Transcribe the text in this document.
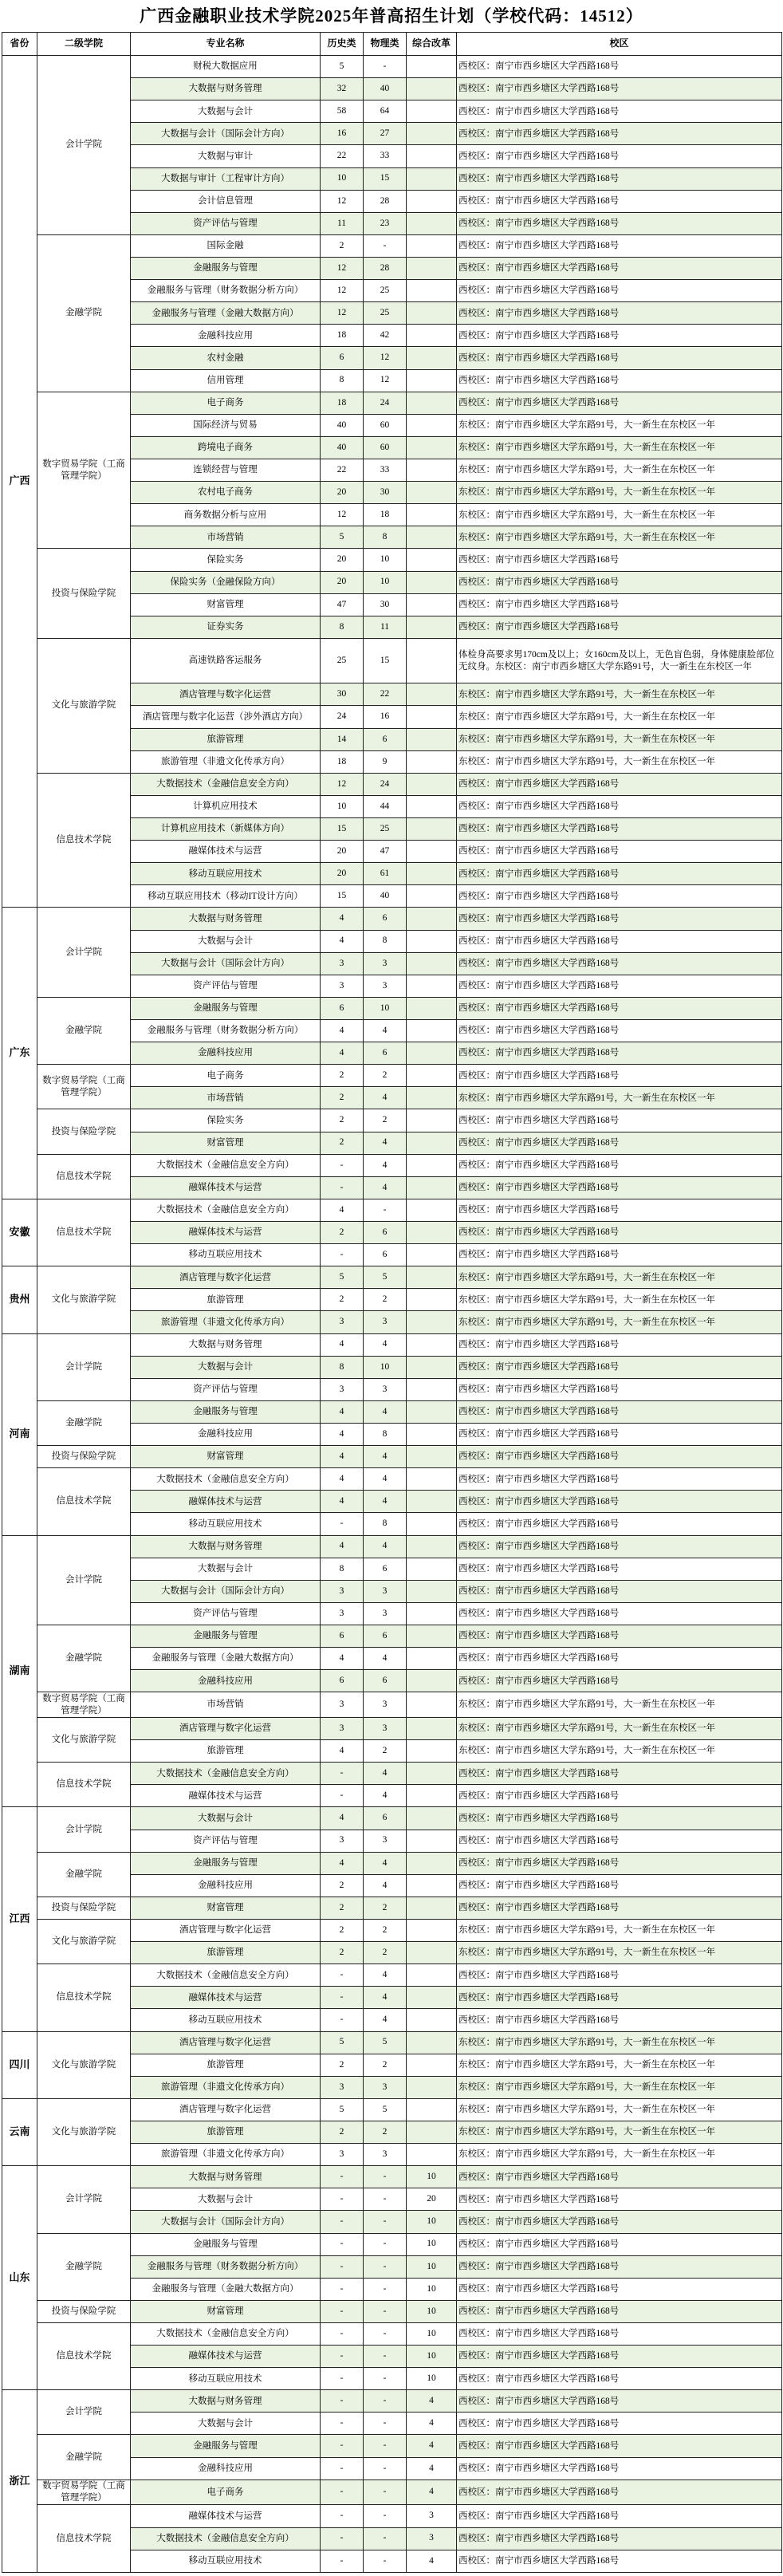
广西金融职业技术学院2025年普高招生计划（学校代码：14512）
省份	二级学院	专业名称	历史类	物理类	综合改革	校区
广西	会计学院	财税大数据应用	5	-		西校区：南宁市西乡塘区大学西路168号
		大数据与财务管理	32	40		西校区：南宁市西乡塘区大学西路168号
		大数据与会计	58	64		西校区：南宁市西乡塘区大学西路168号
		大数据与会计（国际会计方向）	16	27		西校区：南宁市西乡塘区大学西路168号
		大数据与审计	22	33		西校区：南宁市西乡塘区大学西路168号
		大数据与审计（工程审计方向）	10	15		西校区：南宁市西乡塘区大学西路168号
		会计信息管理	12	28		西校区：南宁市西乡塘区大学西路168号
		资产评估与管理	11	23		西校区：南宁市西乡塘区大学西路168号
	金融学院	国际金融	2	-		西校区：南宁市西乡塘区大学西路168号
		金融服务与管理	12	28		西校区：南宁市西乡塘区大学西路168号
		金融服务与管理（财务数据分析方向）	12	25		西校区：南宁市西乡塘区大学西路168号
		金融服务与管理（金融大数据方向）	12	25		西校区：南宁市西乡塘区大学西路168号
		金融科技应用	18	42		西校区：南宁市西乡塘区大学西路168号
		农村金融	6	12		西校区：南宁市西乡塘区大学西路168号
		信用管理	8	12		西校区：南宁市西乡塘区大学西路168号
	数字贸易学院（工商管理学院）	电子商务	18	24		西校区：南宁市西乡塘区大学西路168号
		国际经济与贸易	40	60		东校区：南宁市西乡塘区大学东路91号，大一新生在东校区一年
		跨境电子商务	40	60		东校区：南宁市西乡塘区大学东路91号，大一新生在东校区一年
		连锁经营与管理	22	33		东校区：南宁市西乡塘区大学东路91号，大一新生在东校区一年
		农村电子商务	20	30		东校区：南宁市西乡塘区大学东路91号，大一新生在东校区一年
		商务数据分析与应用	12	18		东校区：南宁市西乡塘区大学东路91号，大一新生在东校区一年
		市场营销	5	8		东校区：南宁市西乡塘区大学东路91号，大一新生在东校区一年
	投资与保险学院	保险实务	20	10		西校区：南宁市西乡塘区大学西路168号
		保险实务（金融保险方向）	20	10		西校区：南宁市西乡塘区大学西路168号
		财富管理	47	30		西校区：南宁市西乡塘区大学西路168号
		证券实务	8	11		西校区：南宁市西乡塘区大学西路168号
	文化与旅游学院	高速铁路客运服务	25	15		体检身高要求男170cm及以上；女160cm及以上，无色盲色弱，身体健康脸部位无纹身。东校区：南宁市西乡塘区大学东路91号，大一新生在东校区一年
		酒店管理与数字化运营	30	22		东校区：南宁市西乡塘区大学东路91号，大一新生在东校区一年
		酒店管理与数字化运营（涉外酒店方向）	24	16		东校区：南宁市西乡塘区大学东路91号，大一新生在东校区一年
		旅游管理	14	6		东校区：南宁市西乡塘区大学东路91号，大一新生在东校区一年
		旅游管理（非遗文化传承方向）	18	9		东校区：南宁市西乡塘区大学东路91号，大一新生在东校区一年
	信息技术学院	大数据技术（金融信息安全方向）	12	24		西校区：南宁市西乡塘区大学西路168号
		计算机应用技术	10	44		西校区：南宁市西乡塘区大学西路168号
		计算机应用技术（新媒体方向）	15	25		西校区：南宁市西乡塘区大学西路168号
		融媒体技术与运营	20	47		西校区：南宁市西乡塘区大学西路168号
		移动互联应用技术	20	61		西校区：南宁市西乡塘区大学西路168号
		移动互联应用技术（移动IT设计方向）	15	40		西校区：南宁市西乡塘区大学西路168号
广东	会计学院	大数据与财务管理	4	6		西校区：南宁市西乡塘区大学西路168号
		大数据与会计	4	8		西校区：南宁市西乡塘区大学西路168号
		大数据与会计（国际会计方向）	3	3		西校区：南宁市西乡塘区大学西路168号
		资产评估与管理	3	3		西校区：南宁市西乡塘区大学西路168号
	金融学院	金融服务与管理	6	10		西校区：南宁市西乡塘区大学西路168号
		金融服务与管理（财务数据分析方向）	4	4		西校区：南宁市西乡塘区大学西路168号
		金融科技应用	4	6		西校区：南宁市西乡塘区大学西路168号
	数字贸易学院（工商管理学院）	电子商务	2	2		西校区：南宁市西乡塘区大学西路168号
		市场营销	2	4		东校区：南宁市西乡塘区大学东路91号，大一新生在东校区一年
	投资与保险学院	保险实务	2	2		西校区：南宁市西乡塘区大学西路168号
		财富管理	2	4		西校区：南宁市西乡塘区大学西路168号
	信息技术学院	大数据技术（金融信息安全方向）	-	4		西校区：南宁市西乡塘区大学西路168号
		融媒体技术与运营	-	4		西校区：南宁市西乡塘区大学西路168号
安徽	信息技术学院	大数据技术（金融信息安全方向）	4	-		西校区：南宁市西乡塘区大学西路168号
		融媒体技术与运营	2	6		西校区：南宁市西乡塘区大学西路168号
		移动互联应用技术	-	6		西校区：南宁市西乡塘区大学西路168号
贵州	文化与旅游学院	酒店管理与数字化运营	5	5		东校区：南宁市西乡塘区大学东路91号，大一新生在东校区一年
		旅游管理	2	2		东校区：南宁市西乡塘区大学东路91号，大一新生在东校区一年
		旅游管理（非遗文化传承方向）	3	3		东校区：南宁市西乡塘区大学东路91号，大一新生在东校区一年
河南	会计学院	大数据与财务管理	4	4		西校区：南宁市西乡塘区大学西路168号
		大数据与会计	8	10		西校区：南宁市西乡塘区大学西路168号
		资产评估与管理	3	3		西校区：南宁市西乡塘区大学西路168号
	金融学院	金融服务与管理	4	4		西校区：南宁市西乡塘区大学西路168号
		金融科技应用	4	8		西校区：南宁市西乡塘区大学西路168号
	投资与保险学院	财富管理	4	4		西校区：南宁市西乡塘区大学西路168号
	信息技术学院	大数据技术（金融信息安全方向）	4	4		西校区：南宁市西乡塘区大学西路168号
		融媒体技术与运营	4	4		西校区：南宁市西乡塘区大学西路168号
		移动互联应用技术	-	8		西校区：南宁市西乡塘区大学西路168号
湖南	会计学院	大数据与财务管理	4	4		西校区：南宁市西乡塘区大学西路168号
		大数据与会计	8	6		西校区：南宁市西乡塘区大学西路168号
		大数据与会计（国际会计方向）	3	3		西校区：南宁市西乡塘区大学西路168号
		资产评估与管理	3	3		西校区：南宁市西乡塘区大学西路168号
	金融学院	金融服务与管理	6	6		西校区：南宁市西乡塘区大学西路168号
		金融服务与管理（金融大数据方向）	4	4		西校区：南宁市西乡塘区大学西路168号
		金融科技应用	6	6		西校区：南宁市西乡塘区大学西路168号
	数字贸易学院（工商管理学院）	市场营销	3	3		东校区：南宁市西乡塘区大学东路91号，大一新生在东校区一年
	文化与旅游学院	酒店管理与数字化运营	3	3		东校区：南宁市西乡塘区大学东路91号，大一新生在东校区一年
		旅游管理	4	2		东校区：南宁市西乡塘区大学东路91号，大一新生在东校区一年
	信息技术学院	大数据技术（金融信息安全方向）	-	4		西校区：南宁市西乡塘区大学西路168号
		融媒体技术与运营	-	4		西校区：南宁市西乡塘区大学西路168号
江西	会计学院	大数据与会计	4	6		西校区：南宁市西乡塘区大学西路168号
		资产评估与管理	3	3		西校区：南宁市西乡塘区大学西路168号
	金融学院	金融服务与管理	4	4		西校区：南宁市西乡塘区大学西路168号
		金融科技应用	2	4		西校区：南宁市西乡塘区大学西路168号
	投资与保险学院	财富管理	2	2		西校区：南宁市西乡塘区大学西路168号
	文化与旅游学院	酒店管理与数字化运营	2	2		东校区：南宁市西乡塘区大学东路91号，大一新生在东校区一年
		旅游管理	2	2		东校区：南宁市西乡塘区大学东路91号，大一新生在东校区一年
	信息技术学院	大数据技术（金融信息安全方向）	-	4		西校区：南宁市西乡塘区大学西路168号
		融媒体技术与运营	-	4		西校区：南宁市西乡塘区大学西路168号
		移动互联应用技术	-	4		西校区：南宁市西乡塘区大学西路168号
四川	文化与旅游学院	酒店管理与数字化运营	5	5		东校区：南宁市西乡塘区大学东路91号，大一新生在东校区一年
		旅游管理	2	2		东校区：南宁市西乡塘区大学东路91号，大一新生在东校区一年
		旅游管理（非遗文化传承方向）	3	3		东校区：南宁市西乡塘区大学东路91号，大一新生在东校区一年
云南	文化与旅游学院	酒店管理与数字化运营	5	5		东校区：南宁市西乡塘区大学东路91号，大一新生在东校区一年
		旅游管理	2	2		东校区：南宁市西乡塘区大学东路91号，大一新生在东校区一年
		旅游管理（非遗文化传承方向）	3	3		东校区：南宁市西乡塘区大学东路91号，大一新生在东校区一年
山东	会计学院	大数据与财务管理	-	-	10	西校区：南宁市西乡塘区大学西路168号
		大数据与会计	-	-	20	西校区：南宁市西乡塘区大学西路168号
		大数据与会计（国际会计方向）	-	-	10	西校区：南宁市西乡塘区大学西路168号
	金融学院	金融服务与管理	-	-	10	西校区：南宁市西乡塘区大学西路168号
		金融服务与管理（财务数据分析方向）	-	-	10	西校区：南宁市西乡塘区大学西路168号
		金融服务与管理（金融大数据方向）	-	-	10	西校区：南宁市西乡塘区大学西路168号
	投资与保险学院	财富管理	-	-	10	西校区：南宁市西乡塘区大学西路168号
	信息技术学院	大数据技术（金融信息安全方向）	-	-	10	西校区：南宁市西乡塘区大学西路168号
		融媒体技术与运营	-	-	10	西校区：南宁市西乡塘区大学西路168号
		移动互联应用技术	-	-	10	西校区：南宁市西乡塘区大学西路168号
浙江	会计学院	大数据与财务管理	-	-	4	西校区：南宁市西乡塘区大学西路168号
		大数据与会计	-	-	4	西校区：南宁市西乡塘区大学西路168号
	金融学院	金融服务与管理	-	-	4	西校区：南宁市西乡塘区大学西路168号
		金融科技应用	-	-	4	西校区：南宁市西乡塘区大学西路168号
	数字贸易学院（工商管理学院）	电子商务	-	-	4	西校区：南宁市西乡塘区大学西路168号
	信息技术学院	融媒体技术与运营	-	-	3	西校区：南宁市西乡塘区大学西路168号
		大数据技术（金融信息安全方向）	-	-	3	西校区：南宁市西乡塘区大学西路168号
		移动互联应用技术	-	-	4	西校区：南宁市西乡塘区大学西路168号
